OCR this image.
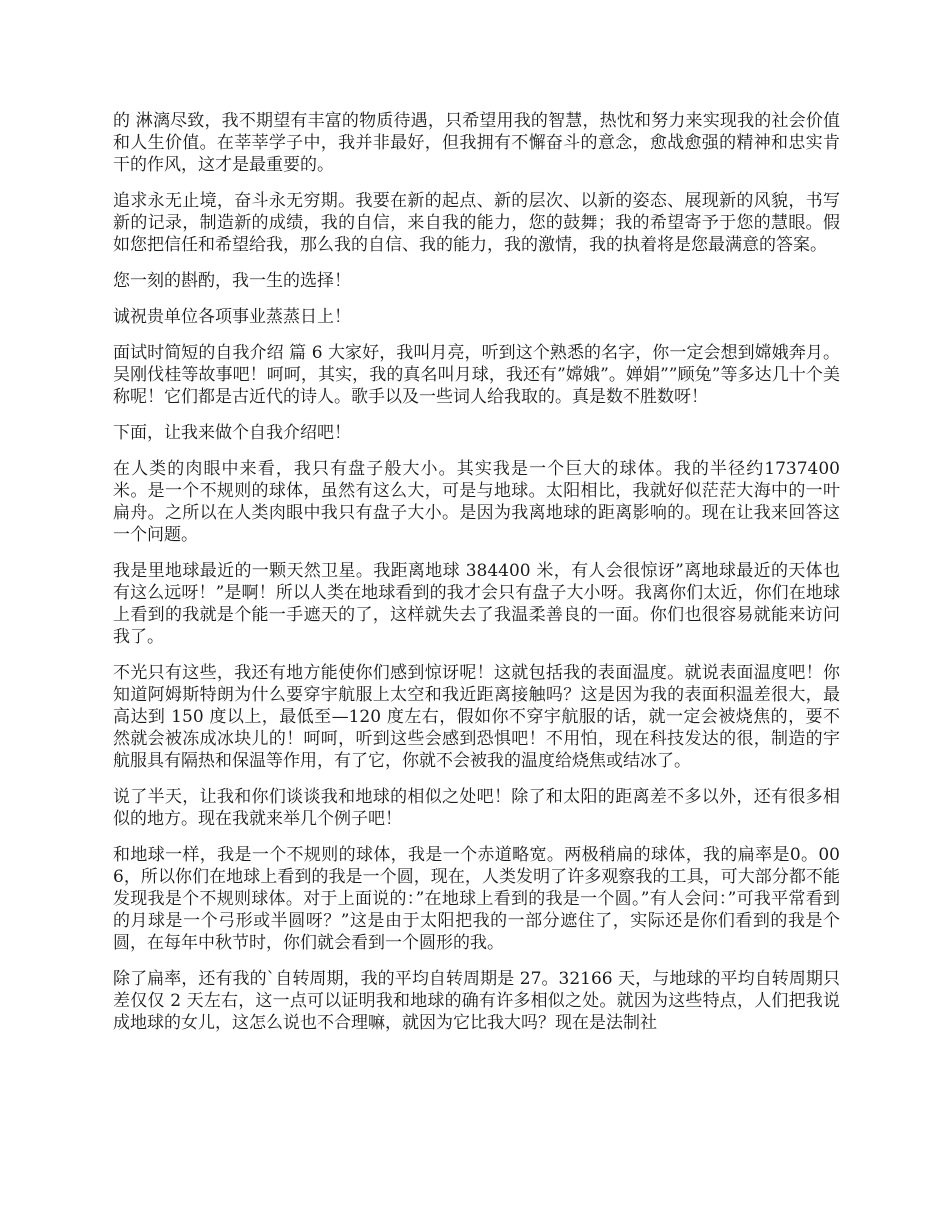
的 淋漓尽致，我不期望有丰富的物质待遇，只希望用我的智慧，热忱和努力来实现我的社会价值和人生价值。在莘莘学子中，我并非最好，但我拥有不懈奋斗的意念，愈战愈强的精神和忠实肯干的作风，这才是最重要的。

追求永无止境，奋斗永无穷期。我要在新的起点、新的层次、以新的姿态、展现新的风貌，书写新的记录，制造新的成绩，我的自信，来自我的能力，您的鼓舞；我的希望寄予于您的慧眼。假如您把信任和希望给我，那么我的自信、我的能力，我的激情，我的执着将是您最满意的答案。

您一刻的斟酌，我一生的选择！

诚祝贵单位各项事业蒸蒸日上！

面试时简短的自我介绍 篇 6 大家好，我叫月亮，听到这个熟悉的名字，你一定会想到嫦娥奔月。吴刚伐桂等故事吧！呵呵，其实，我的真名叫月球，我还有”嫦娥”。婵娟””顾兔”等多达几十个美称呢！它们都是古近代的诗人。歌手以及一些词人给我取的。真是数不胜数呀！

下面，让我来做个自我介绍吧！

在人类的肉眼中来看，我只有盘子般大小。其实我是一个巨大的球体。我的半径约1737400 米。是一个不规则的球体，虽然有这么大，可是与地球。太阳相比，我就好似茫茫大海中的一叶扁舟。之所以在人类肉眼中我只有盘子大小。是因为我离地球的距离影响的。现在让我来回答这一个问题。

我是里地球最近的一颗天然卫星。我距离地球 384400 米，有人会很惊讶”离地球最近的天体也有这么远呀！”是啊！所以人类在地球看到的我才会只有盘子大小呀。我离你们太近，你们在地球上看到的我就是个能一手遮天的了，这样就失去了我温柔善良的一面。你们也很容易就能来访问我了。

不光只有这些，我还有地方能使你们感到惊讶呢！这就包括我的表面温度。就说表面温度吧！你知道阿姆斯特朗为什么要穿宇航服上太空和我近距离接触吗？这是因为我的表面积温差很大，最高达到 150 度以上，最低至—120 度左右，假如你不穿宇航服的话，就一定会被烧焦的，要不然就会被冻成冰块儿的！呵呵，听到这些会感到恐惧吧！不用怕，现在科技发达的很，制造的宇航服具有隔热和保温等作用，有了它，你就不会被我的温度给烧焦或结冰了。

说了半天，让我和你们谈谈我和地球的相似之处吧！除了和太阳的距离差不多以外，还有很多相似的地方。现在我就来举几个例子吧！

和地球一样，我是一个不规则的球体，我是一个赤道略宽。两极稍扁的球体，我的扁率是0。006，所以你们在地球上看到的我是一个圆，现在，人类发明了许多观察我的工具，可大部分都不能发现我是个不规则球体。对于上面说的：”在地球上看到的我是一个圆。”有人会问：”可我平常看到的月球是一个弓形或半圆呀？”这是由于太阳把我的一部分遮住了，实际还是你们看到的我是个圆，在每年中秋节时，你们就会看到一个圆形的我。

除了扁率，还有我的`自转周期，我的平均自转周期是 27。32166 天，与地球的平均自转周期只差仅仅 2 天左右，这一点可以证明我和地球的确有许多相似之处。就因为这些特点，人们把我说成地球的女儿，这怎么说也不合理嘛，就因为它比我大吗？现在是法制社
